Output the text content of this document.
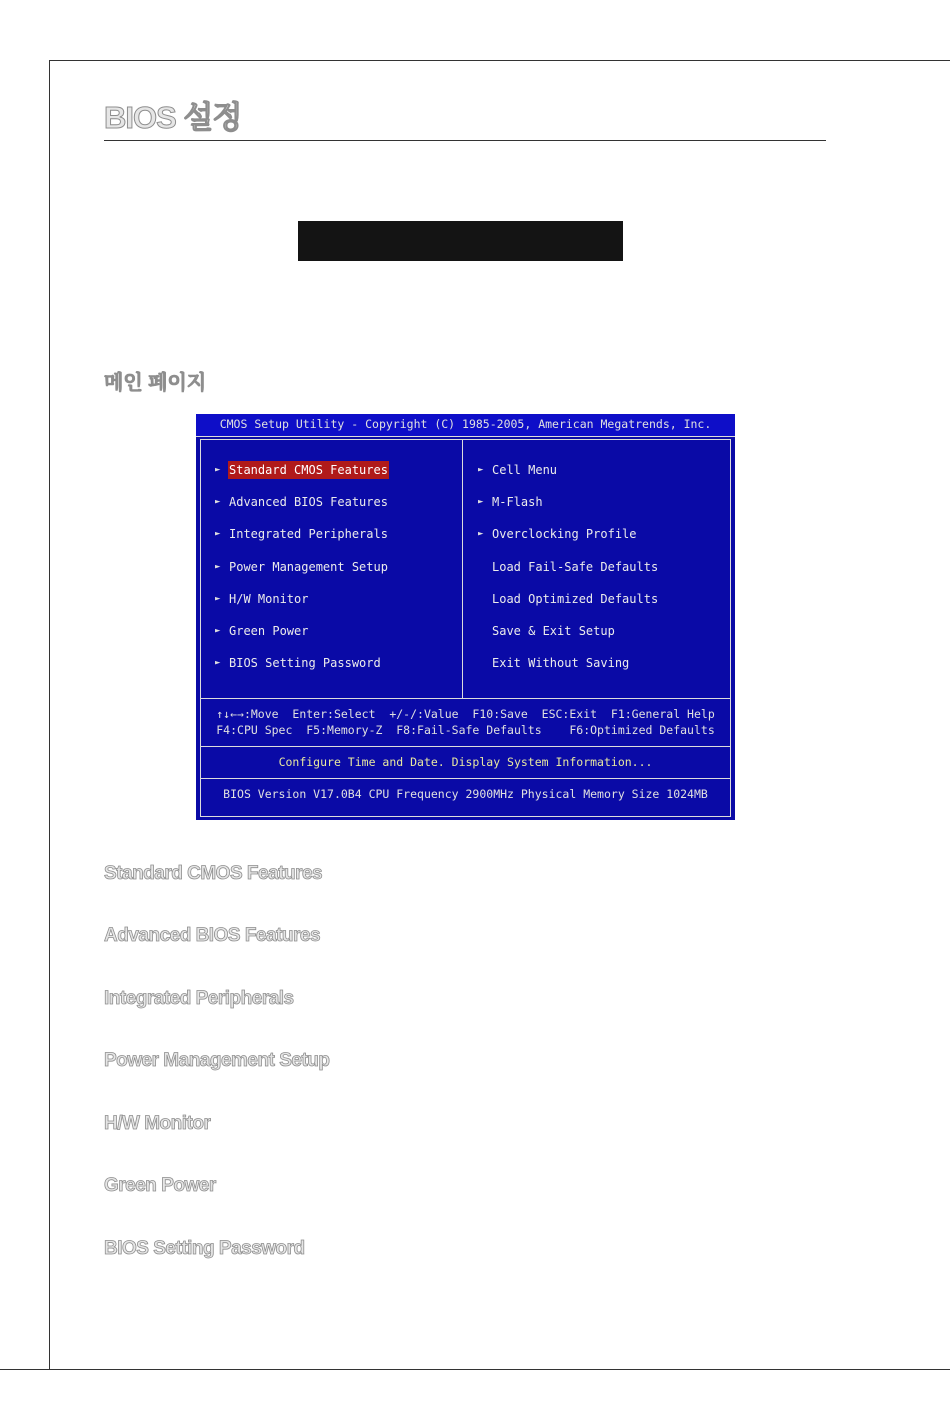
BIOS 설정
메인 페이지
CMOS Setup Utility - Copyright (C) 1985-2005, American Megatrends, Inc.
► Standard CMOS Features
► Advanced BIOS Features
► Integrated Peripherals
► Power Management Setup
► H/W Monitor
► Green Power
► BIOS Setting Password
► Cell Menu
► M-Flash
► Overclocking Profile
Load Fail-Safe Defaults
Load Optimized Defaults
Save & Exit Setup
Exit Without Saving
↑↓←→:Move  Enter:Select  +/-/:Value  F10:Save  ESC:Exit  F1:General Help
F4:CPU Spec  F5:Memory-Z  F8:Fail-Safe Defaults    F6:Optimized Defaults
Configure Time and Date. Display System Information...
BIOS Version V17.0B4 CPU Frequency 2900MHz Physical Memory Size 1024MB
Standard CMOS Features
Advanced BIOS Features
Integrated Peripherals
Power Management Setup
H/W Monitor
Green Power
BIOS Setting Password
